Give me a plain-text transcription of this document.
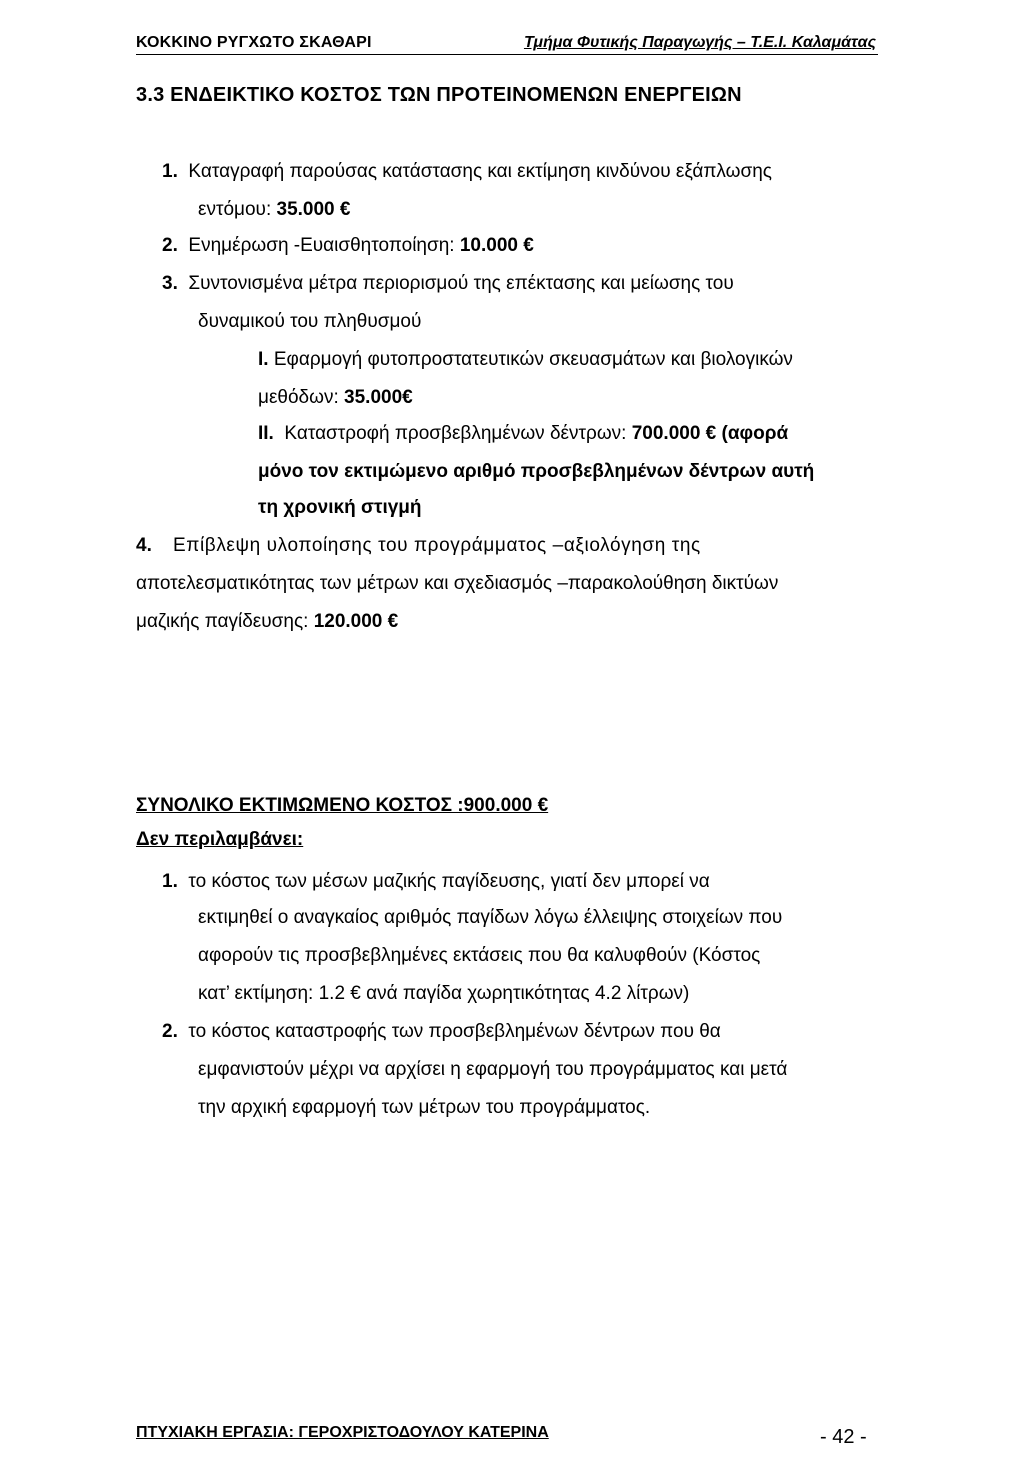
ΚΟΚΚΙΝΟ ΡΥΓΧΩΤΟ ΣΚΑΘΑΡΙ	Τμήμα Φυτικής Παραγωγής – Τ.Ε.Ι. Καλαμάτας
3.3 ΕΝΔΕΙΚΤΙΚΟ ΚΟΣΤΟΣ ΤΩΝ ΠΡΟΤΕΙΝΟΜΕΝΩΝ ΕΝΕΡΓΕΙΩΝ
1. Καταγραφή παρούσας κατάστασης και εκτίμηση κινδύνου εξάπλωσης
εντόμου: 35.000 €
2. Ενημέρωση -Ευαισθητοποίηση: 10.000 €
3. Συντονισμένα μέτρα περιορισμού της επέκτασης και μείωσης του
δυναμικού του πληθυσμού
I. Εφαρμογή φυτοπροστατευτικών σκευασμάτων και βιολογικών
μεθόδων: 35.000€
II. Καταστροφή προσβεβλημένων δέντρων: 700.000 € (αφορά
μόνο τον εκτιμώμενο αριθμό προσβεβλημένων δέντρων αυτή
τη χρονική στιγμή
4. Επίβλεψη υλοποίησης του προγράμματος –αξιολόγηση της
αποτελεσματικότητας των μέτρων και σχεδιασμός –παρακολούθηση δικτύων
μαζικής παγίδευσης: 120.000 €
ΣΥΝΟΛΙΚΟ ΕΚΤΙΜΩΜΕΝΟ ΚΟΣΤΟΣ :900.000 €
Δεν περιλαμβάνει:
1. το κόστος των μέσων μαζικής παγίδευσης, γιατί δεν μπορεί να
εκτιμηθεί ο αναγκαίος αριθμός παγίδων λόγω έλλειψης στοιχείων που
αφορούν τις προσβεβλημένες εκτάσεις που θα καλυφθούν (Κόστος
κατ’ εκτίμηση: 1.2 € ανά παγίδα χωρητικότητας 4.2 λίτρων)
2. το κόστος καταστροφής των προσβεβλημένων δέντρων που θα
εμφανιστούν μέχρι να αρχίσει η εφαρμογή του προγράμματος και μετά
την αρχική εφαρμογή των μέτρων του προγράμματος.
ΠΤΥΧΙΑΚΗ ΕΡΓΑΣΙΑ: ΓΕΡΟΧΡΙΣΤΟΔΟΥΛΟΥ ΚΑΤΕΡΙΝΑ	- 42 -
